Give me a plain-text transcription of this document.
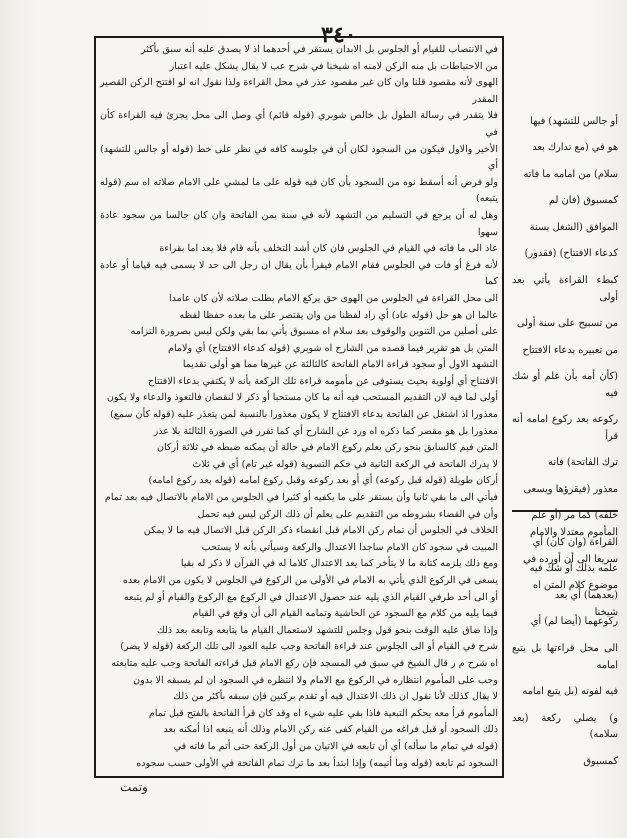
٣٤٠

في الانتصاب للقيام أو الجلوس بل الابدان يستقر في أحدهما اذ لا يصدق عليه أنه سبق بأكثر

من الاحتياطات بل منه الركن لامنه اه شيخنا في شرح عب لا يقال يشكل عليه اعتبار

الهوى لأنه مقصود قلنا وان كان غير مقصود عذر في محل القراءة ولذا نقول انه لو افتتح الركن القصير المقدر

فلا يتقدر في رسالة الطول بل خالص شوبري (قوله قائم) أي وصل الى محل يجزئ فيه القراءة كأن في

الأخير والاول فيكون من السجود لكان أن في جلوسه كافه في نظر على خط (قوله أو جالس للتشهد) أي

ولو فرض أنه أسقط نوه من السجود بأن كان فيه قوله على ما لمشي على الامام صلاته اه سم (قوله يتبعه)

وهل له أن يرجع في التسليم من التشهد لأنه في سنة بمن الفاتحة وان كان جالسا من سجود عادة سهوا

عاد الى ما فاته في القيام في الجلوس فان كان أشد التخلف بأنه قام فلا يعد اما بقراءة

لأنه فرغ أو فات في الجلوس فقام الامام فيقرأ بأن يقال ان رجل الى حد لا يسمى فيه قياما أو عادة كما

الى محل القراءة في الجلوس من الهوى حق يركع الامام بطلت صلاته لأن كان عامدا

عالما ان هو حل (قوله عاد) أي زاد لفظنا من وان يقتصر على ما بعده حفظا لفظه

على أصلين من التنوين والوقوف بعد سلام اه مسبوق يأتي بما بقي ولكن ليس بصرورة التزامه

المتن بل هو تقرير فيما قصده من الشارح اه شوبري (قوله كدعاء الافتتاح) أي ولامام

التشهد الاول أو سجود قراءة الامام الفاتحة كالثالثة عن غيرها مما هو أولى تقديما

الافتتاح أي أولوية بحيث يستوفى عن مأمومه قراءة تلك الركعة بأنه لا يكتفي بدعاء الافتتاح

أولى لما فيه لان التقديم المستحب فيه أنه ما كان مستحبا أو ذكر لا لنقصان فالتعوذ والدعاء ولا يكون

معذورا اذ اشتغل عن الفاتحة بدعاء الافتتاح لا يكون معذورا بالنسبة لمن يتعذر عليه (قوله كأن سمع)

معذورا بل هو مقصر كما ذكره اه ورد عن الشارح أي كما تقرر في الصورة الثالثة بلا عذر

المتن فيم كالسابق بنحو ركن بعلم ركوع الامام في حالة أن يمكنه ضبطه في ثلاثة أركان

لا يدرك الفاتحة في الركعة الثانية في حكم التسوية (قوله غير تام) أي في ثلاث

أركان طويلة (قوله قبل ركوعه) أي أو بعد ركوعه وقبل ركوع امامه (قوله بعد ركوع امامه)

فيأتي الى ما بقي ثانيا وأن يستقر على ما يكفيه أو كثيرا في الجلوس من الامام بالاتصال فيه بعد تمام

وأن في القضاء بشروطه من التقديم على يعلم أن ذلك الركن ليس فيه تحمل

الخلاف في الجلوس أن تمام ركن الامام قبل انقضاء ذكر الركن قبل الاتصال فيه ما لا يمكن

المبيت في سجود كان الامام ساجدا الاعتدال والركعة وسيأتي بأنه لا يستحب

ومع ذلك يلزمه كتابة ما لا يتأخر كما يعد الاعتدال كلاما له في القرآن لا ذكر له بقيا

يسعى في الركوع الذي يأتي به الامام في الأولى من الركوع في الجلوس لا يكون من الامام بعده

أو الى أحد طرفي القيام الذي يليه عند حصول الاعتدال في الركوع مع الركوع والقيام أو لم يتبعه

فيما يليه من كلام مع السجود عن الحاشية وتمامه القيام الى أن وقع في القيام

وإذا ضاق عليه الوقت بنحو قول وجلس للتشهد لاستعمال القيام ما يتابعه وتابعه بعد ذلك

شرح في القيام أو الى الجلوس عند قراءة الفاتحة وجب عليه العود الى تلك الركعة (قوله لا يضر)

اه شرح م ر قال الشيخ في سبق في المسجد فإن ركع الامام قبل قراءته الفاتحة وجب عليه متابعته

وجب على المأموم انتظاره في الركوع مع الامام ولا انتظره في السجود ان لم يسبقه الا بدون

لا يقال كذلك لأنا نقول ان ذلك الاعتدال فيه أو تقدم بركنين فإن سبقه بأكثر من ذلك

المأموم قرأ معه يحكم التبعية فاذا بقي عليه شيء اه وقد كان قرأ الفاتحة بالفتح قبل تمام

ذلك السجود أو قبل فراغه من القيام كفى عنه ركن الامام وذلك أنه يتبعه اذا أمكنه بعد

(قوله في تمام ما سأله) أي أن تابعه في الاتيان من أول الركعة حتى أتم ما فاته في

السجود ثم تابعه (قوله وما أتيمه) وإذا ابتدأ بعد ما ترك تمام الفاتحة في الأولى حسب سجوده

أو جالس للتشهد) فيها

هو في (مع تدارك بعد

سلام) من امامه ما فاته

كمسبوق (فان لم

الموافق (الشغل بسنة

كدعاء الافتتاح) (فقدور)

كبطء القراءة يأتي بعد أولى

من تسبيح على سنة أولى

من تعبيره بدعاء الافتتاح

(كأن أمه بأن علم أو شك فيه

ركوعه بعد ركوع امامه أنه قرأ

ترك الفاتحة) فانه

معذور (فيقرؤها ويسعى

خلفه) كما مر (أو علم

القراءة (وان كان) أي

علمه بذلك أو شك فيه

(بعدهما) أي بعد

ركوعهما (أيضا لم) أي

الى محل قراءتها بل يتبع امامه

فيه لفوته (بل يتبع امامه

و) يصلي ركعة (بعد سلامه)

كمسبوق

المأموم معتدلا والامام

سريعا الى أن أورده في

موضوع كلام المتن اه

شيخنا

وتمت
